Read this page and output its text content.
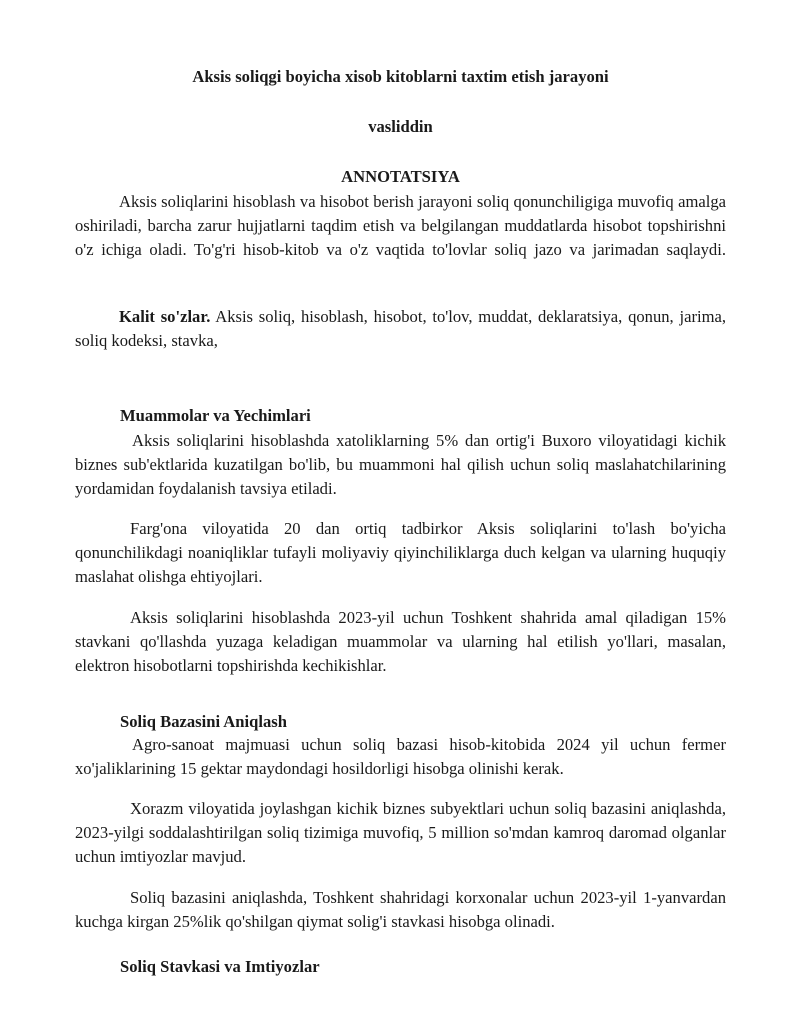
Aksis soliqgi boyicha xisob kitoblarni taxtim etish jarayoni

vasliddin

ANNOTATSIYA

Aksis soliqlarini hisoblash va hisobot berish jarayoni soliq qonunchiligiga muvofiq amalga oshiriladi, barcha zarur hujjatlarni taqdim etish va belgilangan muddatlarda hisobot topshirishni o'z ichiga oladi. To'g'ri hisob-kitob va o'z vaqtida to'lovlar soliq jazo va jarimadan saqlaydi.

Kalit so'zlar. Aksis soliq, hisoblash, hisobot, to'lov, muddat, deklaratsiya, qonun, jarima, soliq kodeksi, stavka,

Muammolar va Yechimlari

Aksis soliqlarini hisoblashda xatoliklarning 5% dan ortig'i Buxoro viloyatidagi kichik biznes sub'ektlarida kuzatilgan bo'lib, bu muammoni hal qilish uchun soliq maslahatchilarining yordamidan foydalanish tavsiya etiladi.

Farg'ona viloyatida 20 dan ortiq tadbirkor Aksis soliqlarini to'lash bo'yicha qonunchilikdagi noaniqliklar tufayli moliyaviy qiyinchiliklarga duch kelgan va ularning huquqiy maslahat olishga ehtiyojlari.

Aksis soliqlarini hisoblashda 2023-yil uchun Toshkent shahrida amal qiladigan 15% stavkani qo'llashda yuzaga keladigan muammolar va ularning hal etilish yo'llari, masalan, elektron hisobotlarni topshirishda kechikishlar.

Soliq Bazasini Aniqlash

Agro-sanoat majmuasi uchun soliq bazasi hisob-kitobida 2024 yil uchun fermer xo'jaliklarining 15 gektar maydondagi hosildorligi hisobga olinishi kerak.

Xorazm viloyatida joylashgan kichik biznes subyektlari uchun soliq bazasini aniqlashda, 2023-yilgi soddalashtirilgan soliq tizimiga muvofiq, 5 million so'mdan kamroq daromad olganlar uchun imtiyozlar mavjud.

Soliq bazasini aniqlashda, Toshkent shahridagi korxonalar uchun 2023-yil 1-yanvardan kuchga kirgan 25%lik qo'shilgan qiymat solig'i stavkasi hisobga olinadi.

Soliq Stavkasi va Imtiyozlar
